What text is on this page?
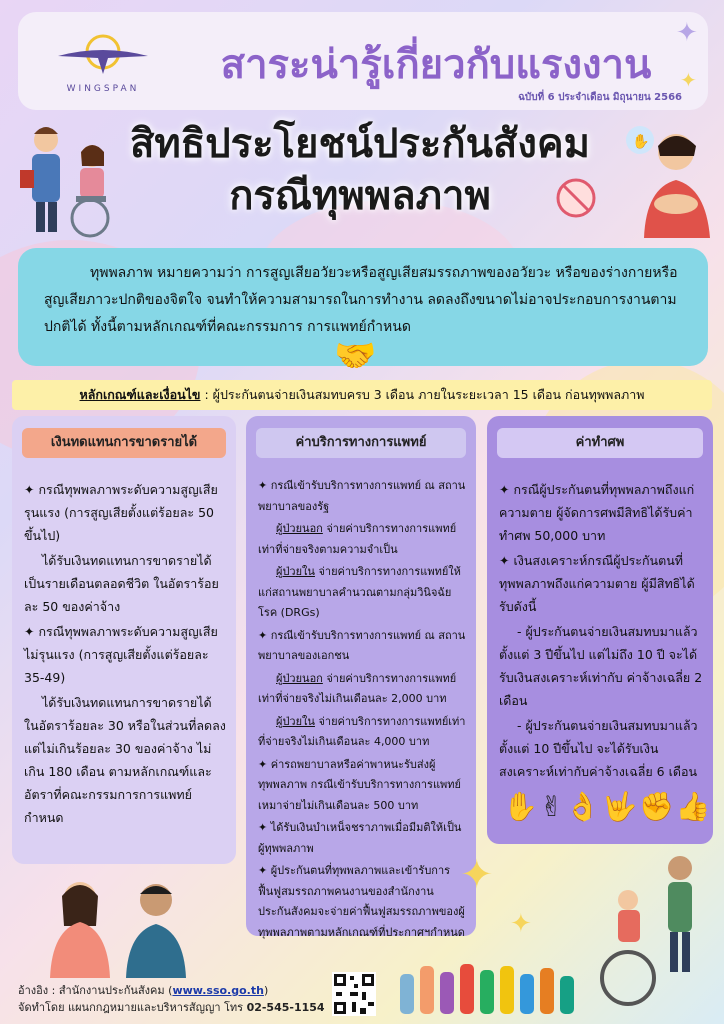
WINGSPAN
สาระน่ารู้เกี่ยวกับแรงงาน
ฉบับที่ 6 ประจำเดือน มิถุนายน 2566
✦
✦
✋
สิทธิประโยชน์ประกันสังคม
กรณีทุพพลภาพ

ทุพพลภาพ หมายความว่า การสูญเสียอวัยวะหรือสูญเสียสมรรถภาพของอวัยวะ หรือของร่างกายหรือสูญเสียภาวะปกติของจิตใจ จนทำให้ความสามารถในการทำงาน ลดลงถึงขนาดไม่อาจประกอบการงานตามปกติได้ ทั้งนี้ตามหลักเกณฑ์ที่คณะกรรมการ การแพทย์กำหนด

🤝
หลักเกณฑ์และเงื่อนไข : ผู้ประกันตนจ่ายเงินสมทบครบ 3 เดือน ภายในระยะเวลา 15 เดือน ก่อนทุพพลภาพ
เงินทดแทนการขาดรายได้

✦ กรณีทุพพลภาพระดับความสูญเสียรุนแรง (การสูญเสียตั้งแต่ร้อยละ 50 ขึ้นไป)

ได้รับเงินทดแทนการขาดรายได้เป็นรายเดือนตลอดชีวิต ในอัตราร้อยละ 50 ของค่าจ้าง

✦ กรณีทุพพลภาพระดับความสูญเสียไม่รุนแรง (การสูญเสียตั้งแต่ร้อยละ 35-49)

ได้รับเงินทดแทนการขาดรายได้ ในอัตราร้อยละ 30 หรือในส่วนที่ลดลง แต่ไม่เกินร้อยละ 30 ของค่าจ้าง ไม่เกิน 180 เดือน ตามหลักเกณฑ์และอัตราที่คณะกรรมการการแพทย์กำหนด

ค่าบริการทางการแพทย์

✦ กรณีเข้ารับบริการทางการแพทย์ ณ สถานพยาบาลของรัฐ

ผู้ป่วยนอก จ่ายค่าบริการทางการแพทย์เท่าที่จ่ายจริงตามความจำเป็น

ผู้ป่วยใน จ่ายค่าบริการทางการแพทย์ให้แก่สถานพยาบาลคำนวณตามกลุ่มวินิจฉัยโรค (DRGs)

✦ กรณีเข้ารับบริการทางการแพทย์ ณ สถานพยาบาลของเอกชน

ผู้ป่วยนอก จ่ายค่าบริการทางการแพทย์เท่าที่จ่ายจริงไม่เกินเดือนละ 2,000 บาท

ผู้ป่วยใน จ่ายค่าบริการทางการแพทย์เท่าที่จ่ายจริงไม่เกินเดือนละ 4,000 บาท

✦ ค่ารถพยาบาลหรือค่าพาหนะรับส่งผู้ทุพพลภาพ กรณีเข้ารับบริการทางการแพทย์ เหมาจ่ายไม่เกินเดือนละ 500 บาท

✦ ได้รับเงินบำเหน็จชราภาพเมื่อมีมติให้เป็นผู้ทุพพลภาพ

✦ ผู้ประกันตนที่ทุพพลภาพและเข้ารับการฟื้นฟูสมรรถภาพคนงานของสำนักงานประกันสังคมจะจ่ายค่าฟื้นฟูสมรรถภาพของผู้ทุพพลภาพตามหลักเกณฑ์ที่ประกาศฯกำหนด

ค่าทำศพ

✦ กรณีผู้ประกันตนที่ทุพพลภาพถึงแก่ความตาย ผู้จัดการศพมีสิทธิได้รับค่าทำศพ 50,000 บาท

✦ เงินสงเคราะห์กรณีผู้ประกันตนที่ทุพพลภาพถึงแก่ความตาย ผู้มีสิทธิได้รับดังนี้

- ผู้ประกันตนจ่ายเงินสมทบมาแล้วตั้งแต่ 3 ปีขึ้นไป แต่ไม่ถึง 10 ปี จะได้รับเงินสงเคราะห์เท่ากับ ค่าจ้างเฉลี่ย 2 เดือน

- ผู้ประกันตนจ่ายเงินสมทบมาแล้วตั้งแต่ 10 ปีขึ้นไป จะได้รับเงินสงเคราะห์เท่ากับค่าจ้างเฉลี่ย 6 เดือน

✋✌👌🤟✊👍
✦
✦
อ้างอิง : สำนักงานประกันสังคม (www.sso.go.th)
จัดทำโดย แผนกกฎหมายและบริหารสัญญา โทร 02-545-1154
